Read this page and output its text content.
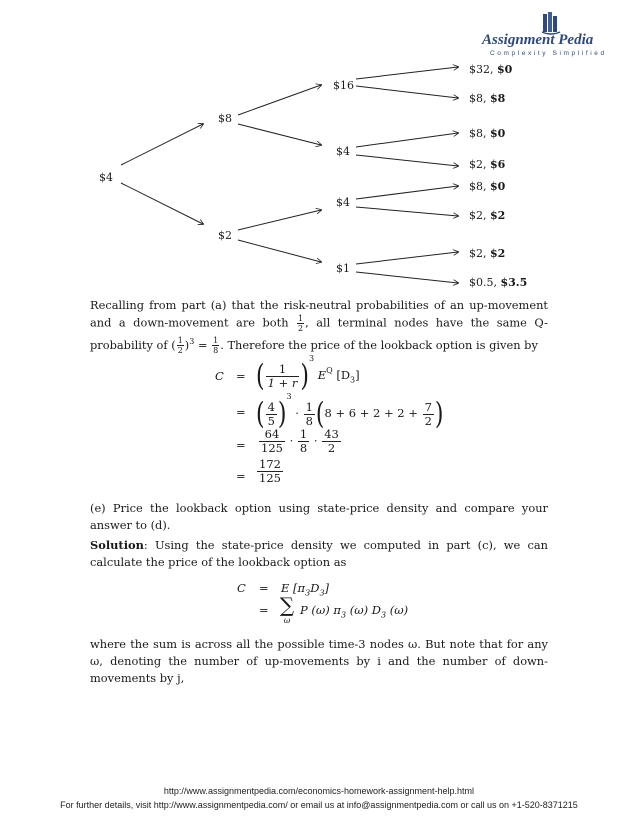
Assignment Pedia
Complexity Simplified
$4
$8
$2
$16
$4
$4
$1
$32, $0
$8, $8
$8, $0
$2, $6
$8, $0
$2, $2
$2, $2
$0.5, $3.5
Recalling from part (a) that the risk-neutral probabilities of an up-movement and a down-movement are both $\frac{1}{2}$ , all terminal nodes have the same Q-probability of ( $\frac{1}{2} )^3 = \frac{1}{8}$ . Therefore the price of the lookback option is given by
C = ( $\frac{1}{1 + r} )^3$ $E^Q$ $[D_3]$
= ( $\frac{4}{5} )^3 \cdot \frac{1}{8} (8 + 6 + 2 + 2 + \frac{7}{2}$ )
= $\frac{64}{125} \cdot \frac{1}{8} \cdot \frac{43}{2}$
= $\frac{172}{125}$
(e) Price the lookback option using state-price density and compare your answer to (d).
Solution: Using the state-price density we computed in part (c), we can calculate the price of the lookback option as
C = E $[\pi_3D_3]$
= ∑
ω
P (ω) $\pi_3$ (ω) $D_3$ (ω)
where the sum is across all the possible time-3 nodes ω. But note that for any ω, denoting the number of up-movements by i and the number of down-movements by j,
http://www.assignmentpedia.com/economics-homework-assignment-help.html
For further details, visit http://www.assignmentpedia.com/ or email us at info@assignmentpedia.com or call us on +1-520-8371215
